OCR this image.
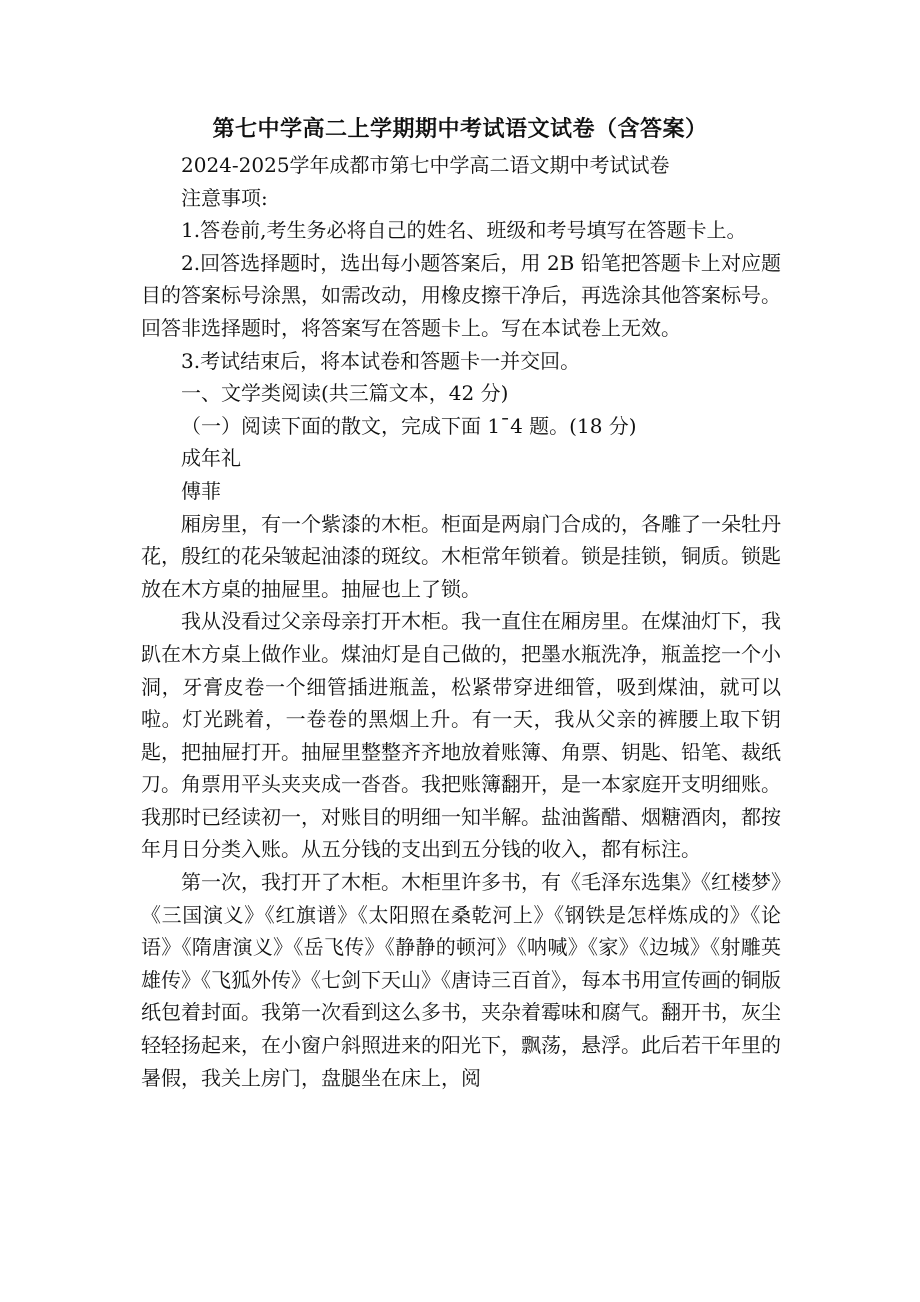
第七中学高二上学期期中考试语文试卷（含答案）
2024-2025学年成都市第七中学高二语文期中考试试卷
注意事项:

1.答卷前,考生务必将自己的姓名、班级和考号填写在答题卡上。

2.回答选择题时，选出每小题答案后，用 2B 铅笔把答题卡上对应题目的答案标号涂黑，如需改动，用橡皮擦干净后，再选涂其他答案标号。回答非选择题时，将答案写在答题卡上。写在本试卷上无效。

3.考试结束后，将本试卷和答题卡一并交回。

一、文学类阅读(共三篇文本，42 分)
（一）阅读下面的散文，完成下面 1¯4 题。(18 分)
成年礼
傅菲

厢房里，有一个紫漆的木柜。柜面是两扇门合成的，各雕了一朵牡丹花，殷红的花朵皱起油漆的斑纹。木柜常年锁着。锁是挂锁，铜质。锁匙放在木方桌的抽屉里。抽屉也上了锁。

我从没看过父亲母亲打开木柜。我一直住在厢房里。在煤油灯下，我趴在木方桌上做作业。煤油灯是自己做的，把墨水瓶洗净，瓶盖挖一个小洞，牙膏皮卷一个细管插进瓶盖，松紧带穿进细管，吸到煤油，就可以啦。灯光跳着，一卷卷的黑烟上升。有一天，我从父亲的裤腰上取下钥匙，把抽屉打开。抽屉里整整齐齐地放着账簿、角票、钥匙、铅笔、裁纸刀。角票用平头夹夹成一沓沓。我把账簿翻开，是一本家庭开支明细账。我那时已经读初一，对账目的明细一知半解。盐油酱醋、烟糖酒肉，都按年月日分类入账。从五分钱的支出到五分钱的收入，都有标注。

第一次，我打开了木柜。木柜里许多书，有《毛泽东选集》《红楼梦》《三国演义》《红旗谱》《太阳照在桑乾河上》《钢铁是怎样炼成的》《论语》《隋唐演义》《岳飞传》《静静的顿河》《呐喊》《家》《边城》《射雕英雄传》《飞狐外传》《七剑下天山》《唐诗三百首》，每本书用宣传画的铜版纸包着封面。我第一次看到这么多书，夹杂着霉味和腐气。翻开书，灰尘轻轻扬起来，在小窗户斜照进来的阳光下，飘荡，悬浮。此后若干年里的暑假，我关上房门，盘腿坐在床上，阅
